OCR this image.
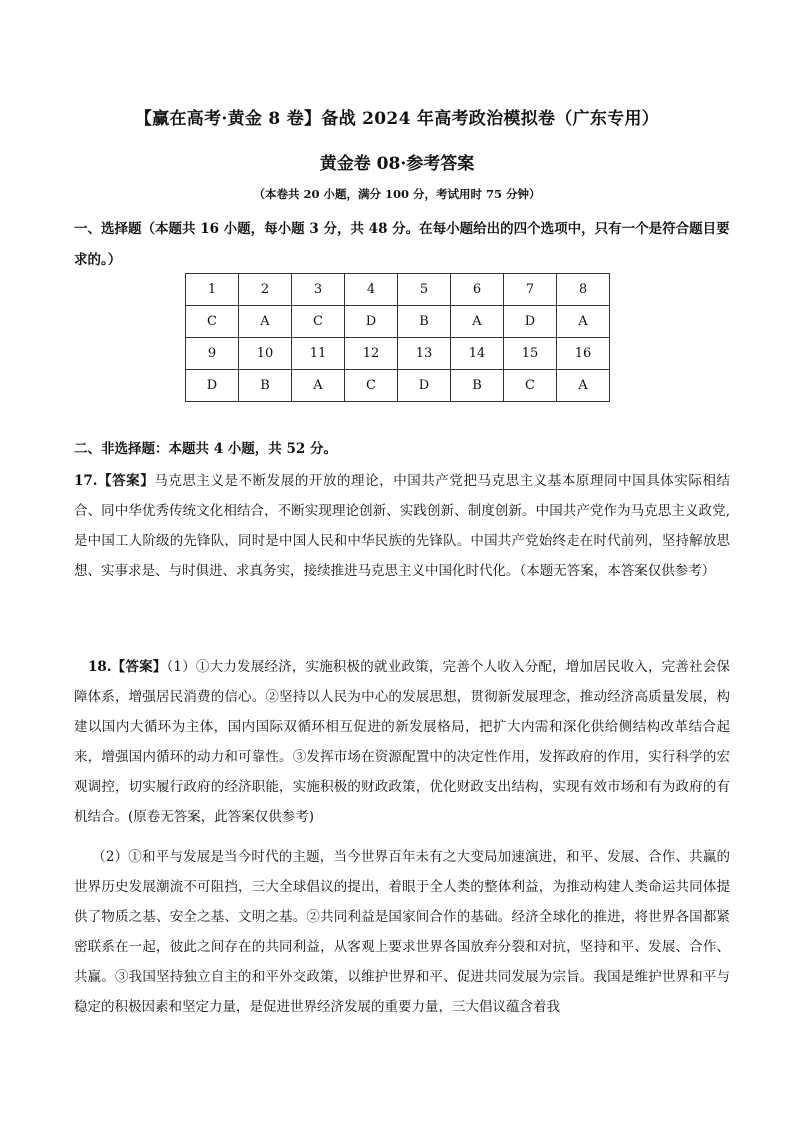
【赢在高考·黄金 8 卷】备战 2024 年高考政治模拟卷（广东专用）
黄金卷 08·参考答案
（本卷共 20 小题，满分 100 分，考试用时 75 分钟）
一、选择题（本题共 16 小题，每小题 3 分，共 48 分。在每小题给出的四个选项中，只有一个是符合题目要求的。）
1	2	3	4	5	6	7	8
C	A	C	D	B	A	D	A
9	10	11	12	13	14	15	16
D	B	A	C	D	B	C	A
二、非选择题：本题共 4 小题，共 52 分。
17.【答案】马克思主义是不断发展的开放的理论，中国共产党把马克思主义基本原理同中国具体实际相结合、同中华优秀传统文化相结合，不断实现理论创新、实践创新、制度创新。中国共产党作为马克思主义政党,是中国工人阶级的先锋队，同时是中国人民和中华民族的先锋队。中国共产党始终走在时代前列，坚持解放思想、实事求是、与时俱进、求真务实，接续推进马克思主义中国化时代化。（本题无答案，本答案仅供参考）
18.【答案】（1）①大力发展经济，实施积极的就业政策，完善个人收入分配，增加居民收入，完善社会保障体系，增强居民消费的信心。②坚持以人民为中心的发展思想，贯彻新发展理念，推动经济高质量发展，构建以国内大循环为主体，国内国际双循环相互促进的新发展格局，把扩大内需和深化供给侧结构改革结合起来，增强国内循环的动力和可靠性。③发挥市场在资源配置中的决定性作用，发挥政府的作用，实行科学的宏观调控，切实履行政府的经济职能，实施积极的财政政策，优化财政支出结构，实现有效市场和有为政府的有机结合。(原卷无答案，此答案仅供参考)
（2）①和平与发展是当今时代的主题，当今世界百年未有之大变局加速演进，和平、发展、合作、共赢的世界历史发展潮流不可阻挡，三大全球倡议的提出，着眼于全人类的整体利益，为推动构建人类命运共同体提供了物质之基、安全之基、文明之基。②共同利益是国家间合作的基础。经济全球化的推进，将世界各国都紧密联系在一起，彼此之间存在的共同利益，从客观上要求世界各国放弃分裂和对抗，坚持和平、发展、合作、共赢。③我国坚持独立自主的和平外交政策，以维护世界和平、促进共同发展为宗旨。我国是维护世界和平与稳定的积极因素和坚定力量，是促进世界经济发展的重要力量，三大倡议蕴含着我
